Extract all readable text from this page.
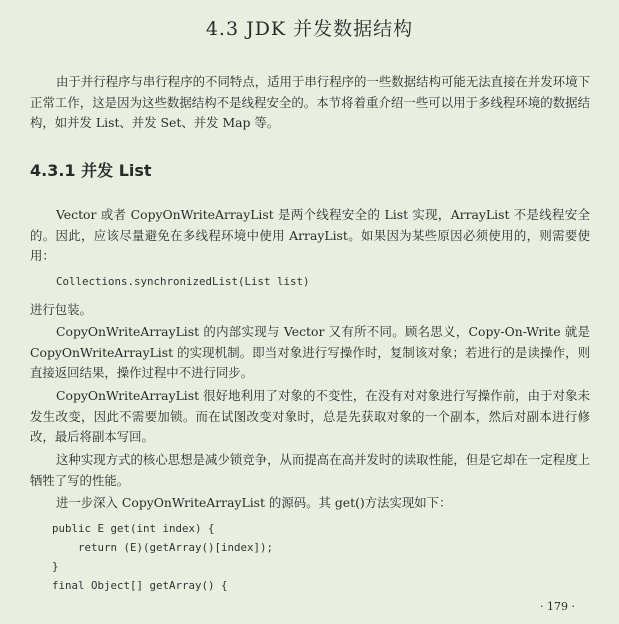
4.3 JDK 并发数据结构

由于并行程序与串行程序的不同特点，适用于串行程序的一些数据结构可能无法直接在并发环境下正常工作，这是因为这些数据结构不是线程安全的。本节将着重介绍一些可以用于多线程环境的数据结构，如并发 List、并发 Set、并发 Map 等。

4.3.1 并发 List

Vector 或者 CopyOnWriteArrayList 是两个线程安全的 List 实现，ArrayList 不是线程安全的。因此，应该尽量避免在多线程环境中使用 ArrayList。如果因为某些原因必须使用的，则需要使用：

Collections.synchronizedList(List list)

进行包装。

CopyOnWriteArrayList 的内部实现与 Vector 又有所不同。顾名思义，Copy-On-Write 就是 CopyOnWriteArrayList 的实现机制。即当对象进行写操作时，复制该对象；若进行的是读操作，则直接返回结果，操作过程中不进行同步。

CopyOnWriteArrayList 很好地利用了对象的不变性，在没有对对象进行写操作前，由于对象未发生改变，因此不需要加锁。而在试图改变对象时，总是先获取对象的一个副本，然后对副本进行修改，最后将副本写回。

这种实现方式的核心思想是减少锁竞争，从而提高在高并发时的读取性能，但是它却在一定程度上牺牲了写的性能。

进一步深入 CopyOnWriteArrayList 的源码。其 get()方法实现如下：

public E get(int index) {
return (E)(getArray()[index]);
}
final Object[] getArray() {
· 179 ·
